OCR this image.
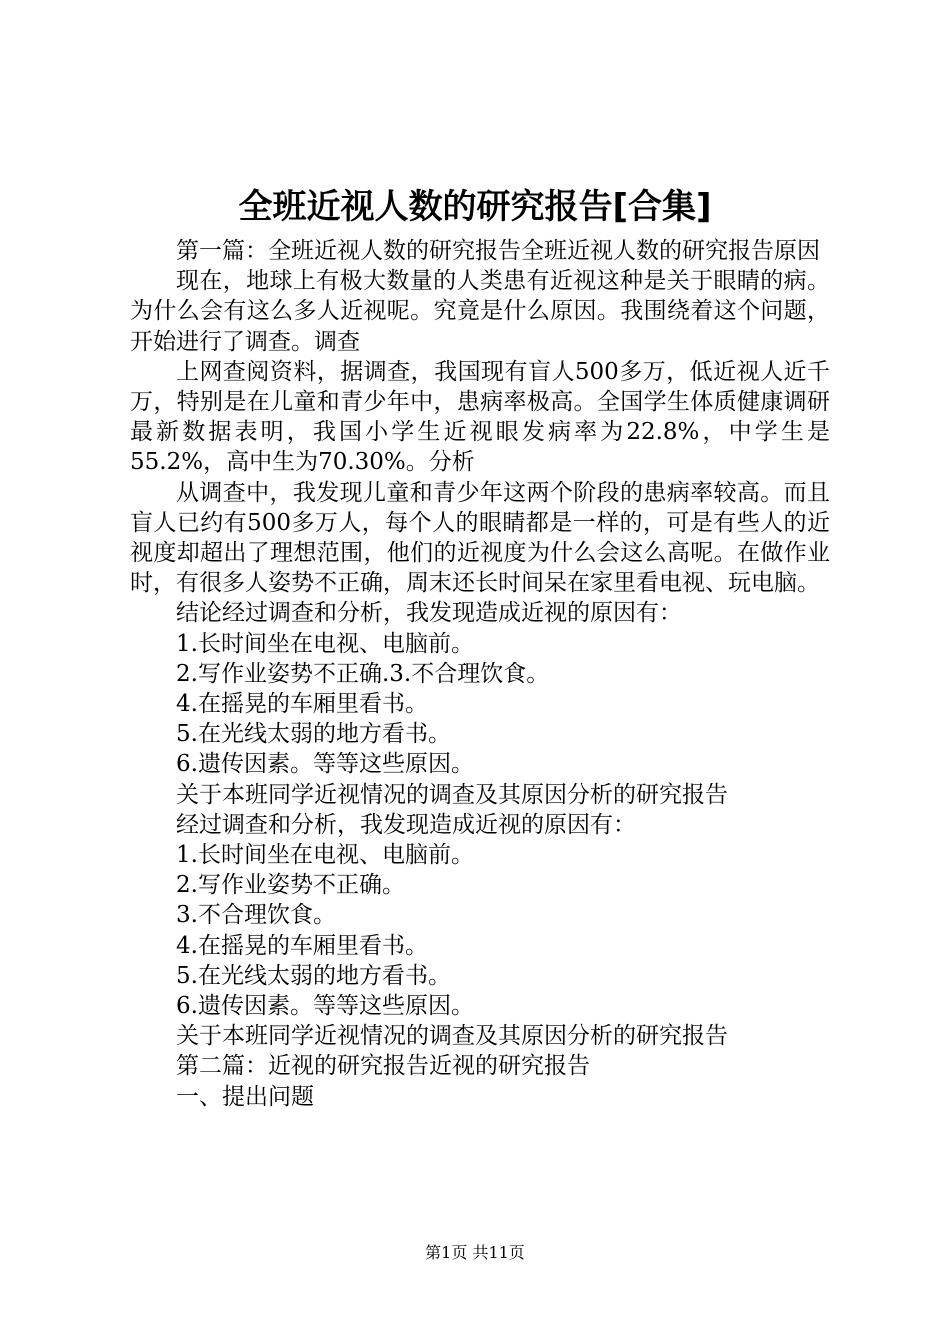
全班近视人数的研究报告[合集]

第一篇：全班近视人数的研究报告全班近视人数的研究报告原因

现在，地球上有极大数量的人类患有近视这种是关于眼睛的病。为什么会有这么多人近视呢。究竟是什么原因。我围绕着这个问题，开始进行了调查。调查

上网查阅资料，据调查，我国现有盲人500多万，低近视人近千万，特别是在儿童和青少年中，患病率极高。全国学生体质健康调研最新数据表明，我国小学生近视眼发病率为22.8%，中学生是55.2%，高中生为70.30%。分析

从调查中，我发现儿童和青少年这两个阶段的患病率较高。而且盲人已约有500多万人，每个人的眼睛都是一样的，可是有些人的近视度却超出了理想范围，他们的近视度为什么会这么高呢。在做作业时，有很多人姿势不正确，周末还长时间呆在家里看电视、玩电脑。

结论经过调查和分析，我发现造成近视的原因有：

1.长时间坐在电视、电脑前。

2.写作业姿势不正确.3.不合理饮食。

4.在摇晃的车厢里看书。

5.在光线太弱的地方看书。

6.遗传因素。等等这些原因。

关于本班同学近视情况的调查及其原因分析的研究报告

经过调查和分析，我发现造成近视的原因有：

1.长时间坐在电视、电脑前。

2.写作业姿势不正确。

3.不合理饮食。

4.在摇晃的车厢里看书。

5.在光线太弱的地方看书。

6.遗传因素。等等这些原因。

关于本班同学近视情况的调查及其原因分析的研究报告

第二篇：近视的研究报告近视的研究报告

一、提出问题

第1页 共11页
